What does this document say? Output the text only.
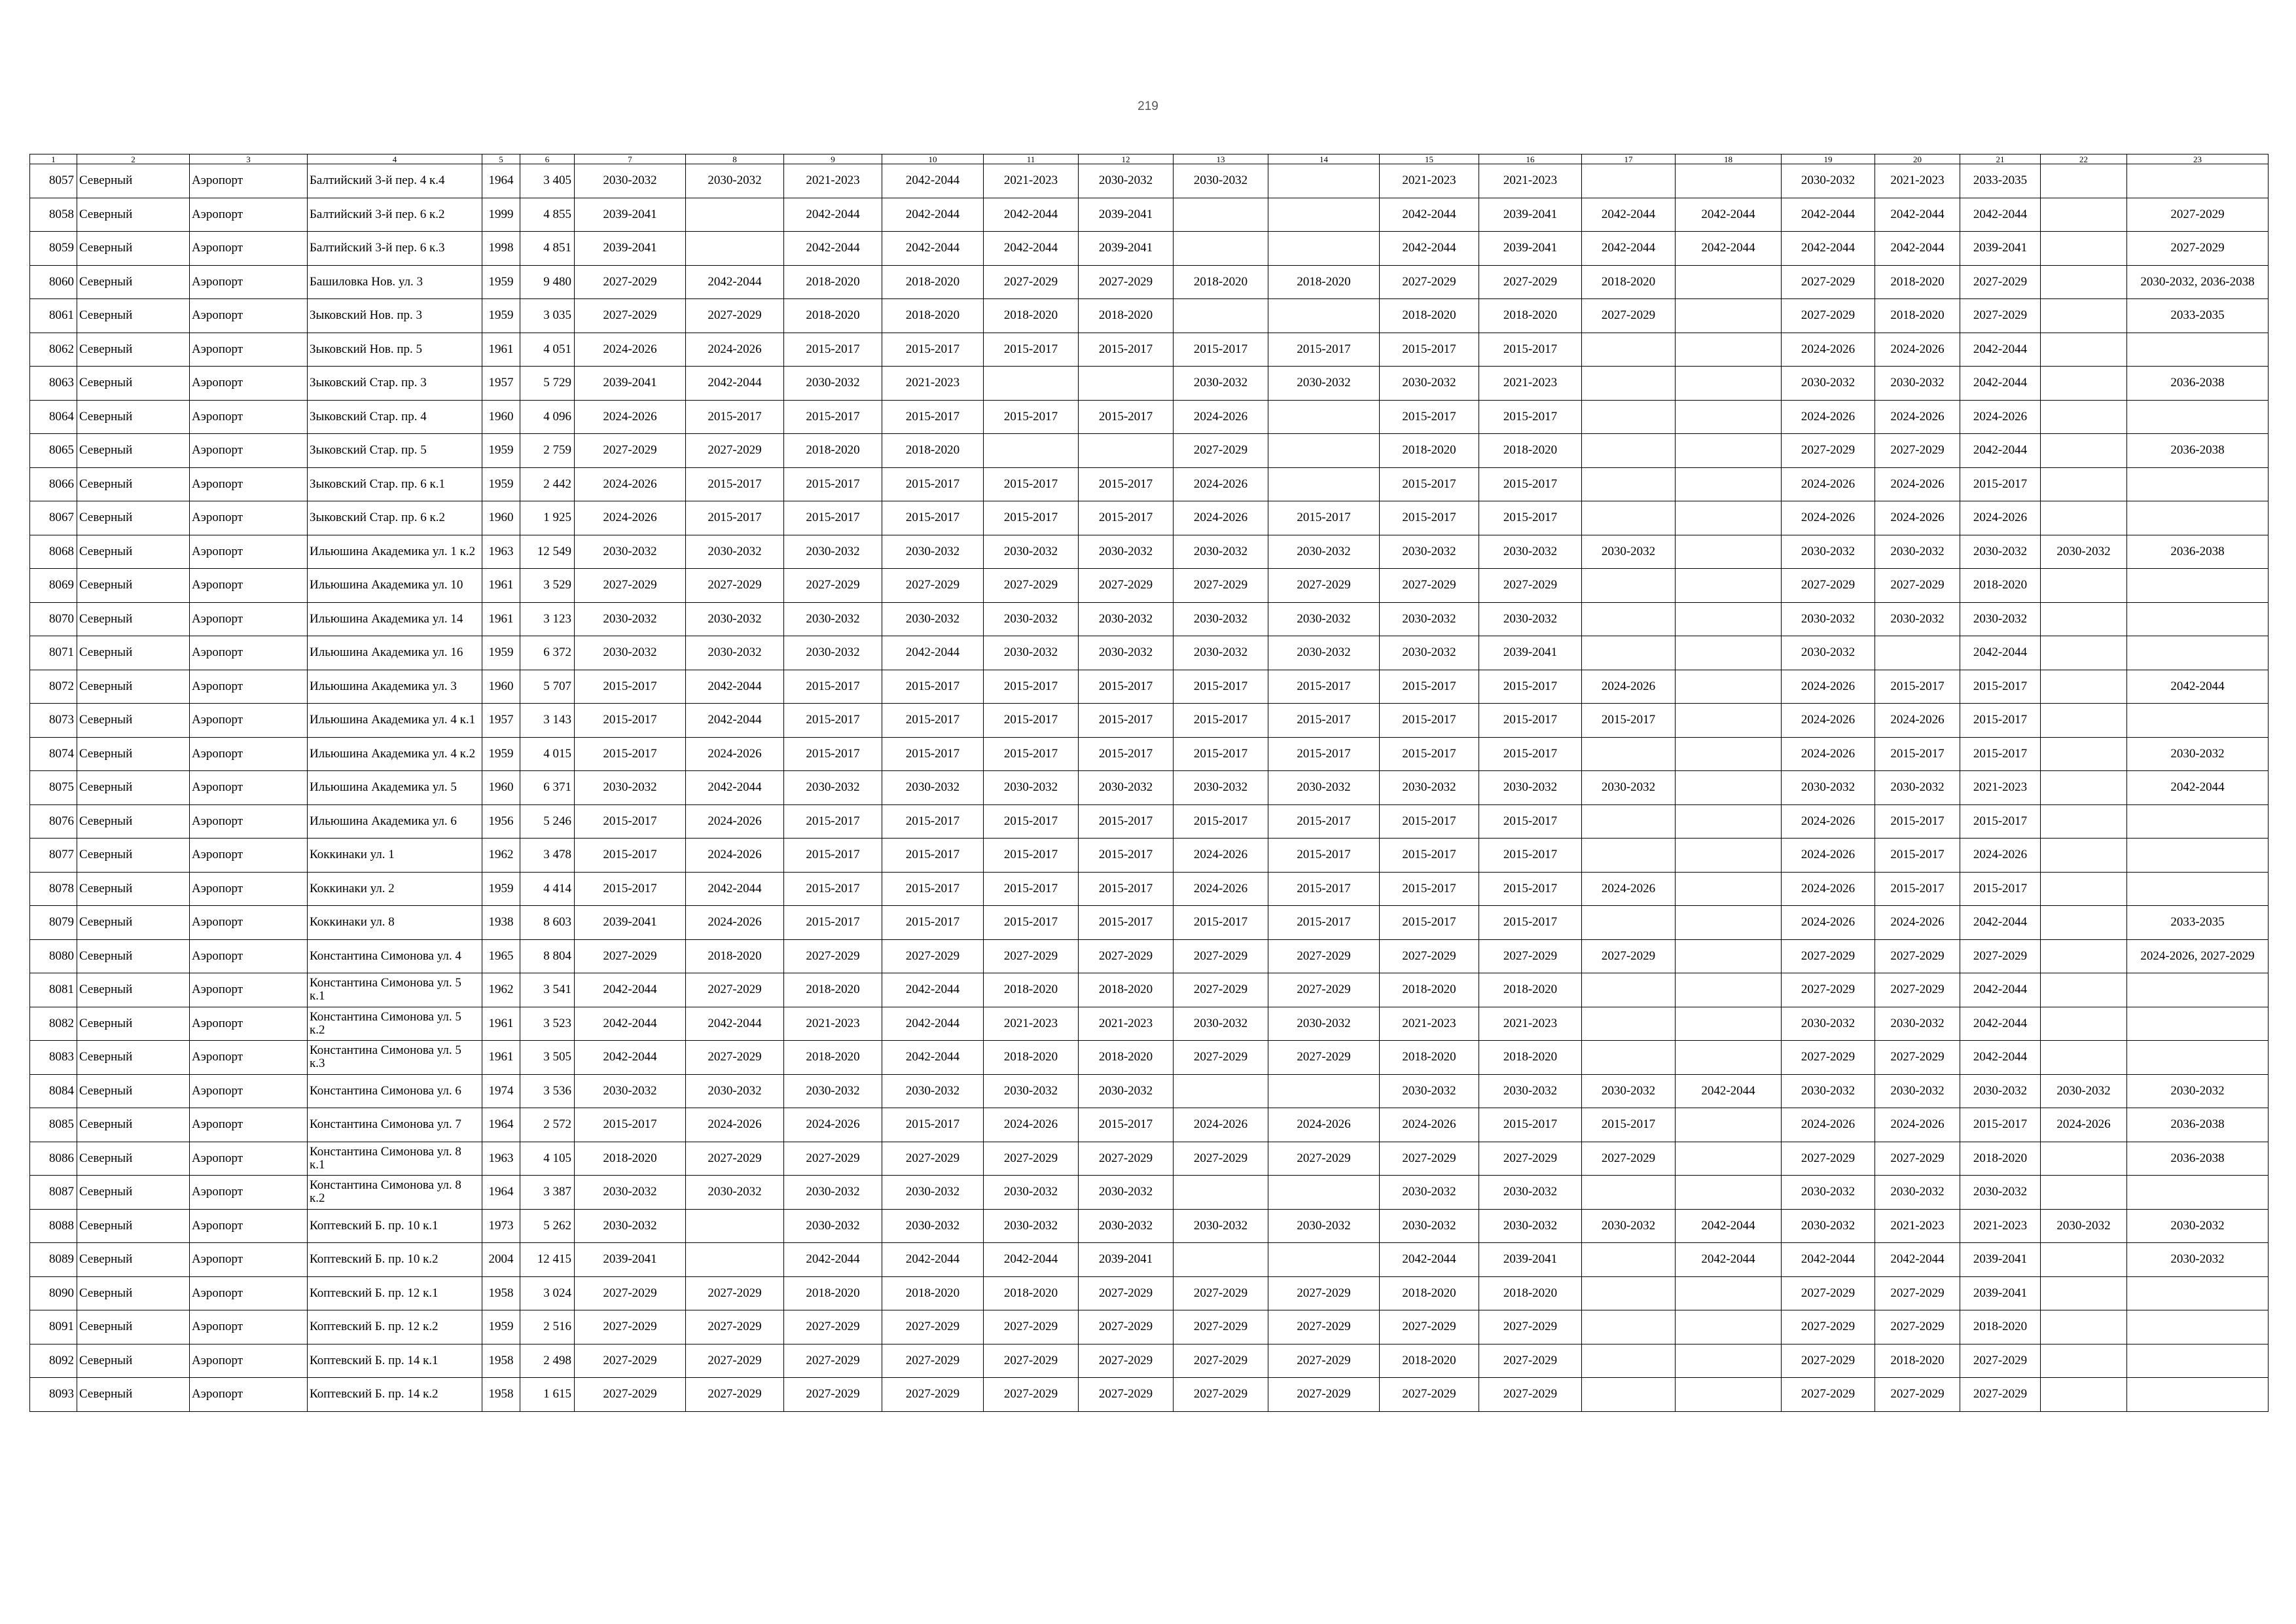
219
1	2	3	4	5	6	7	8	9	10	11	12	13	14	15	16	17	18	19	20	21	22	23
8057	Северный	Аэропорт	Балтийский 3-й пер. 4 к.4	1964	3 405	2030-2032	2030-2032	2021-2023	2042-2044	2021-2023	2030-2032	2030-2032		2021-2023	2021-2023			2030-2032	2021-2023	2033-2035		
8058	Северный	Аэропорт	Балтийский 3-й пер. 6 к.2	1999	4 855	2039-2041		2042-2044	2042-2044	2042-2044	2039-2041			2042-2044	2039-2041	2042-2044	2042-2044	2042-2044	2042-2044	2042-2044		2027-2029
8059	Северный	Аэропорт	Балтийский 3-й пер. 6 к.3	1998	4 851	2039-2041		2042-2044	2042-2044	2042-2044	2039-2041			2042-2044	2039-2041	2042-2044	2042-2044	2042-2044	2042-2044	2039-2041		2027-2029
8060	Северный	Аэропорт	Башиловка Нов. ул. 3	1959	9 480	2027-2029	2042-2044	2018-2020	2018-2020	2027-2029	2027-2029	2018-2020	2018-2020	2027-2029	2027-2029	2018-2020		2027-2029	2018-2020	2027-2029		2030-2032, 2036-2038
8061	Северный	Аэропорт	Зыковский Нов. пр. 3	1959	3 035	2027-2029	2027-2029	2018-2020	2018-2020	2018-2020	2018-2020			2018-2020	2018-2020	2027-2029		2027-2029	2018-2020	2027-2029		2033-2035
8062	Северный	Аэропорт	Зыковский Нов. пр. 5	1961	4 051	2024-2026	2024-2026	2015-2017	2015-2017	2015-2017	2015-2017	2015-2017	2015-2017	2015-2017	2015-2017			2024-2026	2024-2026	2042-2044		
8063	Северный	Аэропорт	Зыковский Стар. пр. 3	1957	5 729	2039-2041	2042-2044	2030-2032	2021-2023			2030-2032	2030-2032	2030-2032	2021-2023			2030-2032	2030-2032	2042-2044		2036-2038
8064	Северный	Аэропорт	Зыковский Стар. пр. 4	1960	4 096	2024-2026	2015-2017	2015-2017	2015-2017	2015-2017	2015-2017	2024-2026		2015-2017	2015-2017			2024-2026	2024-2026	2024-2026		
8065	Северный	Аэропорт	Зыковский Стар. пр. 5	1959	2 759	2027-2029	2027-2029	2018-2020	2018-2020			2027-2029		2018-2020	2018-2020			2027-2029	2027-2029	2042-2044		2036-2038
8066	Северный	Аэропорт	Зыковский Стар. пр. 6 к.1	1959	2 442	2024-2026	2015-2017	2015-2017	2015-2017	2015-2017	2015-2017	2024-2026		2015-2017	2015-2017			2024-2026	2024-2026	2015-2017		
8067	Северный	Аэропорт	Зыковский Стар. пр. 6 к.2	1960	1 925	2024-2026	2015-2017	2015-2017	2015-2017	2015-2017	2015-2017	2024-2026	2015-2017	2015-2017	2015-2017			2024-2026	2024-2026	2024-2026		
8068	Северный	Аэропорт	Ильюшина Академика ул. 1 к.2	1963	12 549	2030-2032	2030-2032	2030-2032	2030-2032	2030-2032	2030-2032	2030-2032	2030-2032	2030-2032	2030-2032	2030-2032		2030-2032	2030-2032	2030-2032	2030-2032	2036-2038
8069	Северный	Аэропорт	Ильюшина Академика ул. 10	1961	3 529	2027-2029	2027-2029	2027-2029	2027-2029	2027-2029	2027-2029	2027-2029	2027-2029	2027-2029	2027-2029			2027-2029	2027-2029	2018-2020		
8070	Северный	Аэропорт	Ильюшина Академика ул. 14	1961	3 123	2030-2032	2030-2032	2030-2032	2030-2032	2030-2032	2030-2032	2030-2032	2030-2032	2030-2032	2030-2032			2030-2032	2030-2032	2030-2032		
8071	Северный	Аэропорт	Ильюшина Академика ул. 16	1959	6 372	2030-2032	2030-2032	2030-2032	2042-2044	2030-2032	2030-2032	2030-2032	2030-2032	2030-2032	2039-2041			2030-2032		2042-2044		
8072	Северный	Аэропорт	Ильюшина Академика ул. 3	1960	5 707	2015-2017	2042-2044	2015-2017	2015-2017	2015-2017	2015-2017	2015-2017	2015-2017	2015-2017	2015-2017	2024-2026		2024-2026	2015-2017	2015-2017		2042-2044
8073	Северный	Аэропорт	Ильюшина Академика ул. 4 к.1	1957	3 143	2015-2017	2042-2044	2015-2017	2015-2017	2015-2017	2015-2017	2015-2017	2015-2017	2015-2017	2015-2017	2015-2017		2024-2026	2024-2026	2015-2017		
8074	Северный	Аэропорт	Ильюшина Академика ул. 4 к.2	1959	4 015	2015-2017	2024-2026	2015-2017	2015-2017	2015-2017	2015-2017	2015-2017	2015-2017	2015-2017	2015-2017			2024-2026	2015-2017	2015-2017		2030-2032
8075	Северный	Аэропорт	Ильюшина Академика ул. 5	1960	6 371	2030-2032	2042-2044	2030-2032	2030-2032	2030-2032	2030-2032	2030-2032	2030-2032	2030-2032	2030-2032	2030-2032		2030-2032	2030-2032	2021-2023		2042-2044
8076	Северный	Аэропорт	Ильюшина Академика ул. 6	1956	5 246	2015-2017	2024-2026	2015-2017	2015-2017	2015-2017	2015-2017	2015-2017	2015-2017	2015-2017	2015-2017			2024-2026	2015-2017	2015-2017		
8077	Северный	Аэропорт	Коккинаки ул. 1	1962	3 478	2015-2017	2024-2026	2015-2017	2015-2017	2015-2017	2015-2017	2024-2026	2015-2017	2015-2017	2015-2017			2024-2026	2015-2017	2024-2026		
8078	Северный	Аэропорт	Коккинаки ул. 2	1959	4 414	2015-2017	2042-2044	2015-2017	2015-2017	2015-2017	2015-2017	2024-2026	2015-2017	2015-2017	2015-2017	2024-2026		2024-2026	2015-2017	2015-2017		
8079	Северный	Аэропорт	Коккинаки ул. 8	1938	8 603	2039-2041	2024-2026	2015-2017	2015-2017	2015-2017	2015-2017	2015-2017	2015-2017	2015-2017	2015-2017			2024-2026	2024-2026	2042-2044		2033-2035
8080	Северный	Аэропорт	Константина Симонова ул. 4	1965	8 804	2027-2029	2018-2020	2027-2029	2027-2029	2027-2029	2027-2029	2027-2029	2027-2029	2027-2029	2027-2029	2027-2029		2027-2029	2027-2029	2027-2029		2024-2026, 2027-2029
8081	Северный	Аэропорт	Константина Симонова ул. 5 к.1	1962	3 541	2042-2044	2027-2029	2018-2020	2042-2044	2018-2020	2018-2020	2027-2029	2027-2029	2018-2020	2018-2020			2027-2029	2027-2029	2042-2044		
8082	Северный	Аэропорт	Константина Симонова ул. 5 к.2	1961	3 523	2042-2044	2042-2044	2021-2023	2042-2044	2021-2023	2021-2023	2030-2032	2030-2032	2021-2023	2021-2023			2030-2032	2030-2032	2042-2044		
8083	Северный	Аэропорт	Константина Симонова ул. 5 к.3	1961	3 505	2042-2044	2027-2029	2018-2020	2042-2044	2018-2020	2018-2020	2027-2029	2027-2029	2018-2020	2018-2020			2027-2029	2027-2029	2042-2044		
8084	Северный	Аэропорт	Константина Симонова ул. 6	1974	3 536	2030-2032	2030-2032	2030-2032	2030-2032	2030-2032	2030-2032			2030-2032	2030-2032	2030-2032	2042-2044	2030-2032	2030-2032	2030-2032	2030-2032	2030-2032
8085	Северный	Аэропорт	Константина Симонова ул. 7	1964	2 572	2015-2017	2024-2026	2024-2026	2015-2017	2024-2026	2015-2017	2024-2026	2024-2026	2024-2026	2015-2017	2015-2017		2024-2026	2024-2026	2015-2017	2024-2026	2036-2038
8086	Северный	Аэропорт	Константина Симонова ул. 8 к.1	1963	4 105	2018-2020	2027-2029	2027-2029	2027-2029	2027-2029	2027-2029	2027-2029	2027-2029	2027-2029	2027-2029	2027-2029		2027-2029	2027-2029	2018-2020		2036-2038
8087	Северный	Аэропорт	Константина Симонова ул. 8 к.2	1964	3 387	2030-2032	2030-2032	2030-2032	2030-2032	2030-2032	2030-2032			2030-2032	2030-2032			2030-2032	2030-2032	2030-2032		
8088	Северный	Аэропорт	Коптевский Б. пр. 10 к.1	1973	5 262	2030-2032		2030-2032	2030-2032	2030-2032	2030-2032	2030-2032	2030-2032	2030-2032	2030-2032	2030-2032	2042-2044	2030-2032	2021-2023	2021-2023	2030-2032	2030-2032
8089	Северный	Аэропорт	Коптевский Б. пр. 10 к.2	2004	12 415	2039-2041		2042-2044	2042-2044	2042-2044	2039-2041			2042-2044	2039-2041		2042-2044	2042-2044	2042-2044	2039-2041		2030-2032
8090	Северный	Аэропорт	Коптевский Б. пр. 12 к.1	1958	3 024	2027-2029	2027-2029	2018-2020	2018-2020	2018-2020	2027-2029	2027-2029	2027-2029	2018-2020	2018-2020			2027-2029	2027-2029	2039-2041		
8091	Северный	Аэропорт	Коптевский Б. пр. 12 к.2	1959	2 516	2027-2029	2027-2029	2027-2029	2027-2029	2027-2029	2027-2029	2027-2029	2027-2029	2027-2029	2027-2029			2027-2029	2027-2029	2018-2020		
8092	Северный	Аэропорт	Коптевский Б. пр. 14 к.1	1958	2 498	2027-2029	2027-2029	2027-2029	2027-2029	2027-2029	2027-2029	2027-2029	2027-2029	2018-2020	2027-2029			2027-2029	2018-2020	2027-2029		
8093	Северный	Аэропорт	Коптевский Б. пр. 14 к.2	1958	1 615	2027-2029	2027-2029	2027-2029	2027-2029	2027-2029	2027-2029	2027-2029	2027-2029	2027-2029	2027-2029			2027-2029	2027-2029	2027-2029		
